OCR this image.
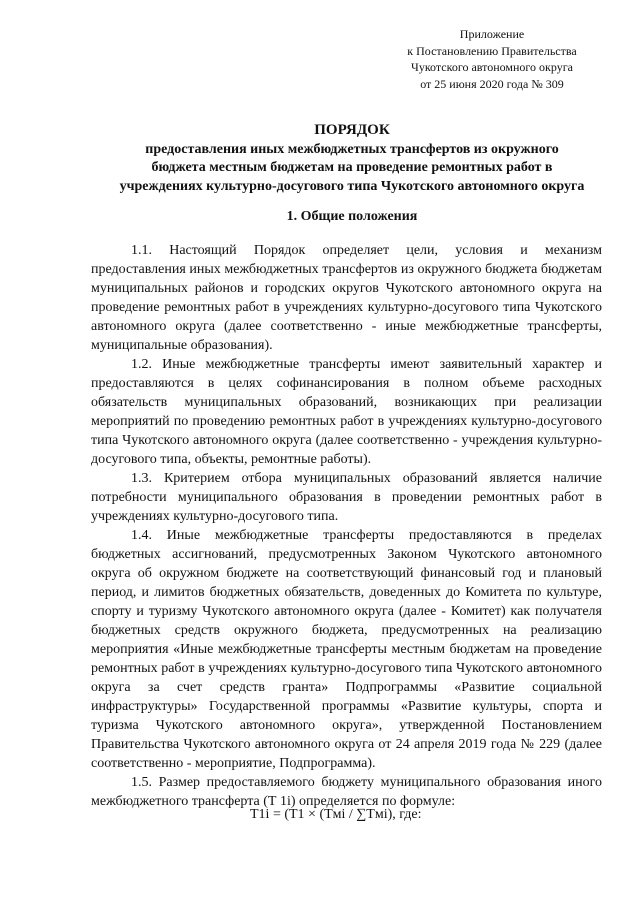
Приложение
к Постановлению Правительства
Чукотского автономного округа
от 25 июня 2020 года № 309
ПОРЯДОК
предоставления иных межбюджетных трансфертов из окружного
бюджета местным бюджетам на проведение ремонтных работ в
учреждениях культурно-досугового типа Чукотского автономного округа
1. Общие положения

1.1. Настоящий Порядок определяет цели, условия и механизм предоставления иных межбюджетных трансфертов из окружного бюджета бюджетам муниципальных районов и городских округов Чукотского автономного округа на проведение ремонтных работ в учреждениях культурно-досугового типа Чукотского автономного округа (далее соответственно - иные межбюджетные трансферты, муниципальные образования).

1.2. Иные межбюджетные трансферты имеют заявительный характер и предоставляются в целях софинансирования в полном объеме расходных обязательств муниципальных образований, возникающих при реализации мероприятий по проведению ремонтных работ в учреждениях культурно-досугового типа Чукотского автономного округа (далее соответственно - учреждения культурно-досугового типа, объекты, ремонтные работы).

1.3. Критерием отбора муниципальных образований является наличие потребности муниципального образования в проведении ремонтных работ в учреждениях культурно-досугового типа.

1.4. Иные межбюджетные трансферты предоставляются в пределах бюджетных ассигнований, предусмотренных Законом Чукотского автономного округа об окружном бюджете на соответствующий финансовый год и плановый период, и лимитов бюджетных обязательств, доведенных до Комитета по культуре, спорту и туризму Чукотского автономного округа (далее - Комитет) как получателя бюджетных средств окружного бюджета, предусмотренных на реализацию мероприятия «Иные межбюджетные трансферты местным бюджетам на проведение ремонтных работ в учреждениях культурно-досугового типа Чукотского автономного округа за счет средств гранта» Подпрограммы «Развитие социальной инфраструктуры» Государственной программы «Развитие культуры, спорта и туризма Чукотского автономного округа», утвержденной Постановлением Правительства Чукотского автономного округа от 24 апреля 2019 года № 229 (далее соответственно - мероприятие, Подпрограмма).

1.5. Размер предоставляемого бюджету муниципального образования иного межбюджетного трансферта (Т 1i) определяется по формуле:

T1i = (T1 × (Tмi / ∑Tмi), где:
